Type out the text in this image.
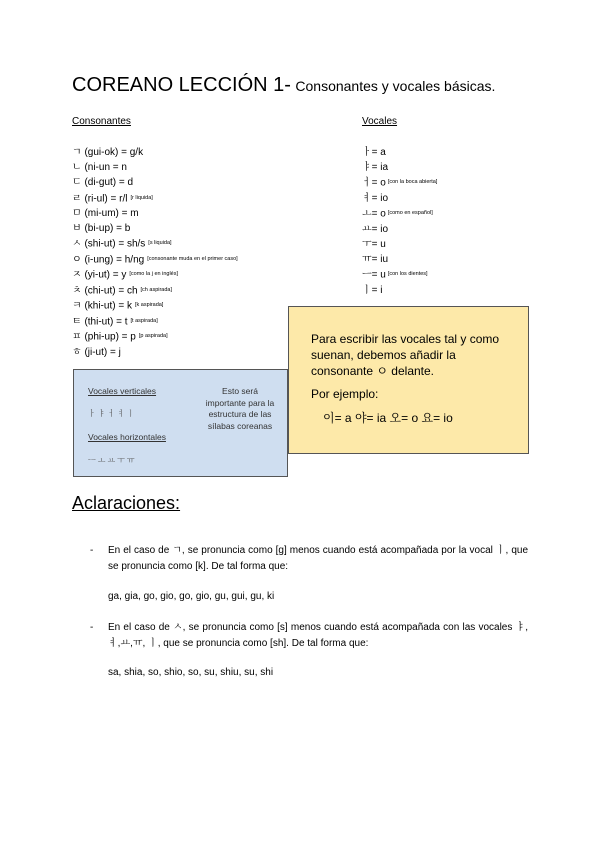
COREANO LECCIÓN 1- Consonantes y vocales básicas.
Consonantes
ㄱ (gui-ok) = g/k
ㄴ (ni-un = n
ㄷ (di-gut) = d
ㄹ (ri-ul) = r/l [r liquida]
ㅁ (mi-um) = m
ㅂ (bi-up) = b
ㅅ (shi-ut) = sh/s [s liquida]
ㅇ (i-ung) = h/ng [consonante muda en el primer caso]
ㅈ (yi-ut) = y [como la j en inglés]
ㅊ (chi-ut) = ch [ch aspirada]
ㅋ (khi-ut) = k [k aspirada]
ㅌ (thi-ut) = t [t aspirada]
ㅍ (phi-up) = p [p aspirada]
ㅎ (ji-ut) = j
Vocales
ㅏ= a
ㅑ= ia
ㅓ= o [con la boca abierta]
ㅕ= io
ㅗ= o [como en español]
ㅛ= io
ㅜ= u
ㅠ= iu
ㅡ= u [con los dientes]
ㅣ= i
Vocales verticales
ㅏㅑㅓㅕㅣ
Vocales horizontales
ㅡㅗㅛㅜㅠ
Esto será importante para la estructura de las sílabas coreanas

Para escribir las vocales tal y como suenan, debemos añadir la consonante ㅇ delante.

Por ejemplo:

이= a 야= ia 오= o 요= io

Aclaraciones:
- En el caso de ㄱ, se pronuncia como [g] menos cuando está acompañada por la vocal ㅣ, que se pronuncia como [k]. De tal forma que:

ga, gia, go, gio, go, gio, gu, gui, gu, ki
- En el caso de ㅅ, se pronuncia como [s] menos cuando está acompañada con las vocales ㅑ, ㅕ,ㅛ,ㅠ, ㅣ, que se pronuncia como [sh]. De tal forma que:

sa, shia, so, shio, so, su, shiu, su, shi
